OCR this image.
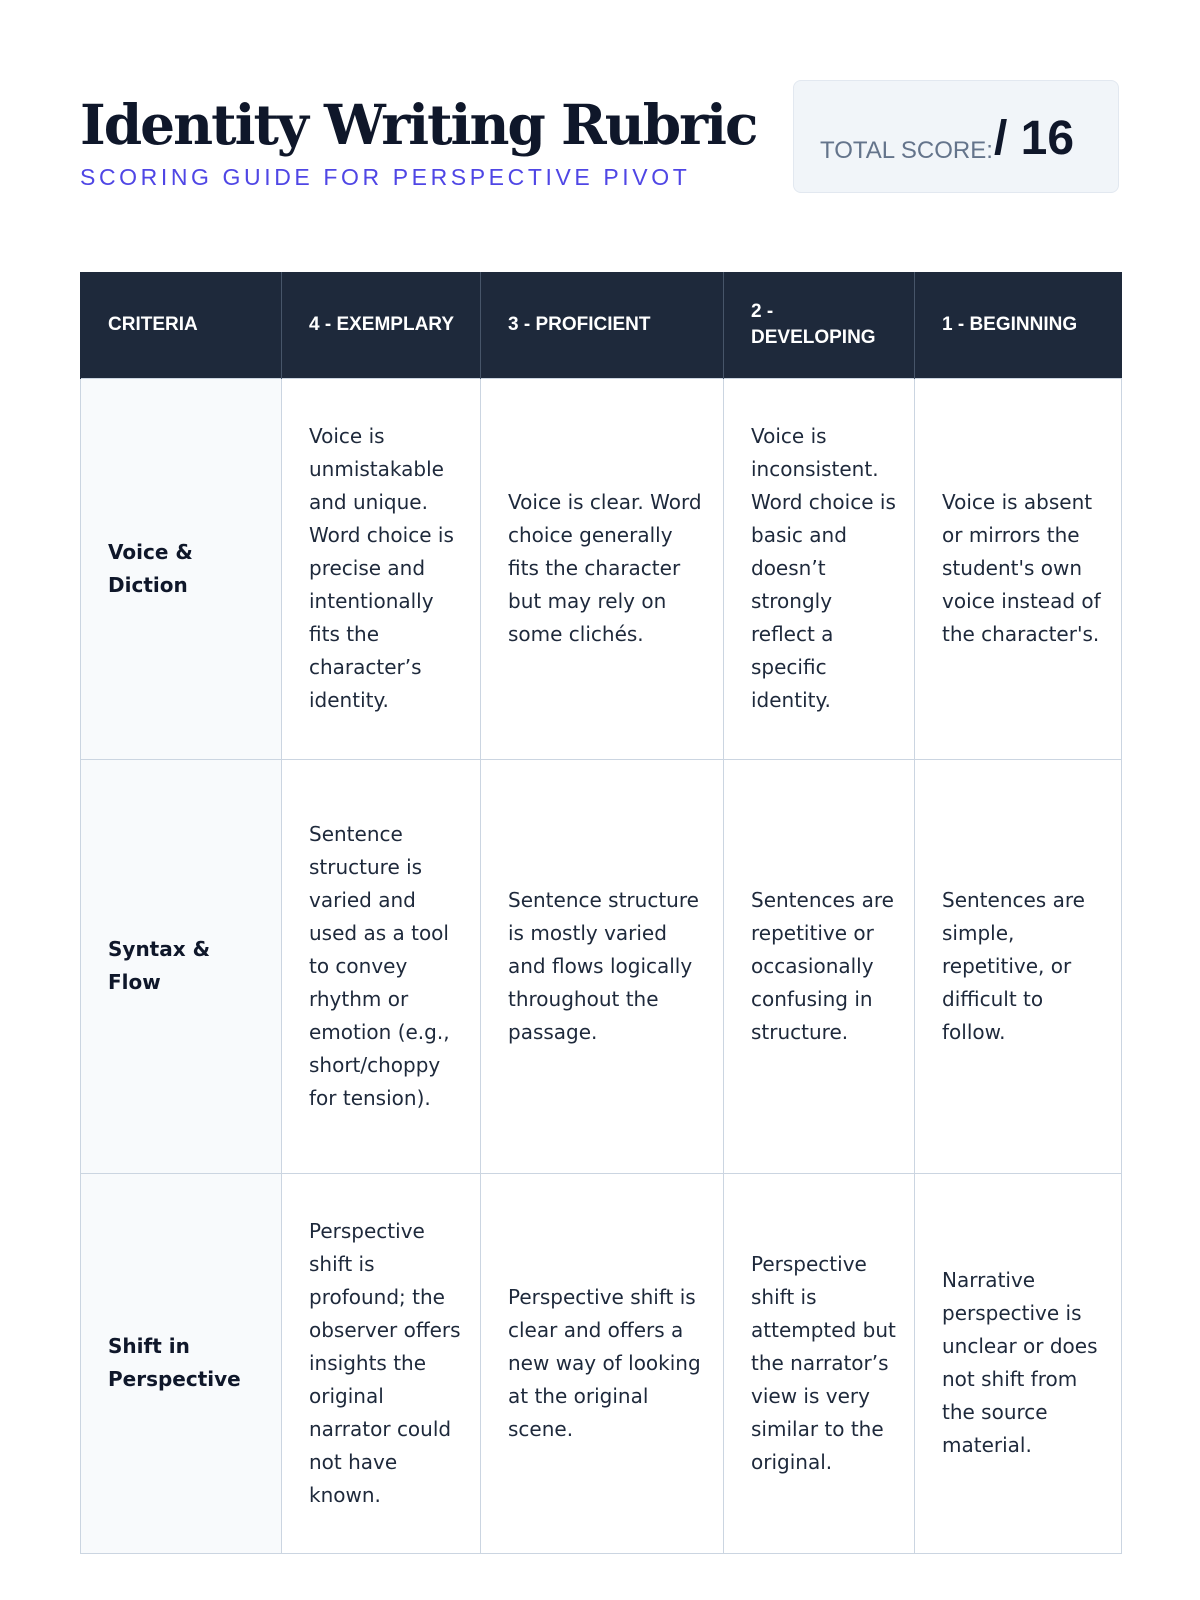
Identity Writing Rubric
SCORING GUIDE FOR PERSPECTIVE PIVOT
TOTAL SCORE: / 16
CRITERIA	4 - EXEMPLARY	3 - PROFICIENT	2 - DEVELOPING	1 - BEGINNING
Voice & Diction	Voice is unmistakable and unique. Word choice is precise and intentionally fits the character’s identity.	Voice is clear. Word choice generally fits the character but may rely on some clichés.	Voice is inconsistent. Word choice is basic and doesn’t strongly reflect a specific identity.	Voice is absent or mirrors the student's own voice instead of the character's.
Syntax & Flow	Sentence structure is varied and used as a tool to convey rhythm or emotion (e.g., short/choppy for tension).	Sentence structure is mostly varied and flows logically throughout the passage.	Sentences are repetitive or occasionally confusing in structure.	Sentences are simple, repetitive, or difficult to follow.
Shift in Perspective	Perspective shift is profound; the observer offers insights the original narrator could not have known.	Perspective shift is clear and offers a new way of looking at the original scene.	Perspective shift is attempted but the narrator’s view is very similar to the original.	Narrative perspective is unclear or does not shift from the source material.
